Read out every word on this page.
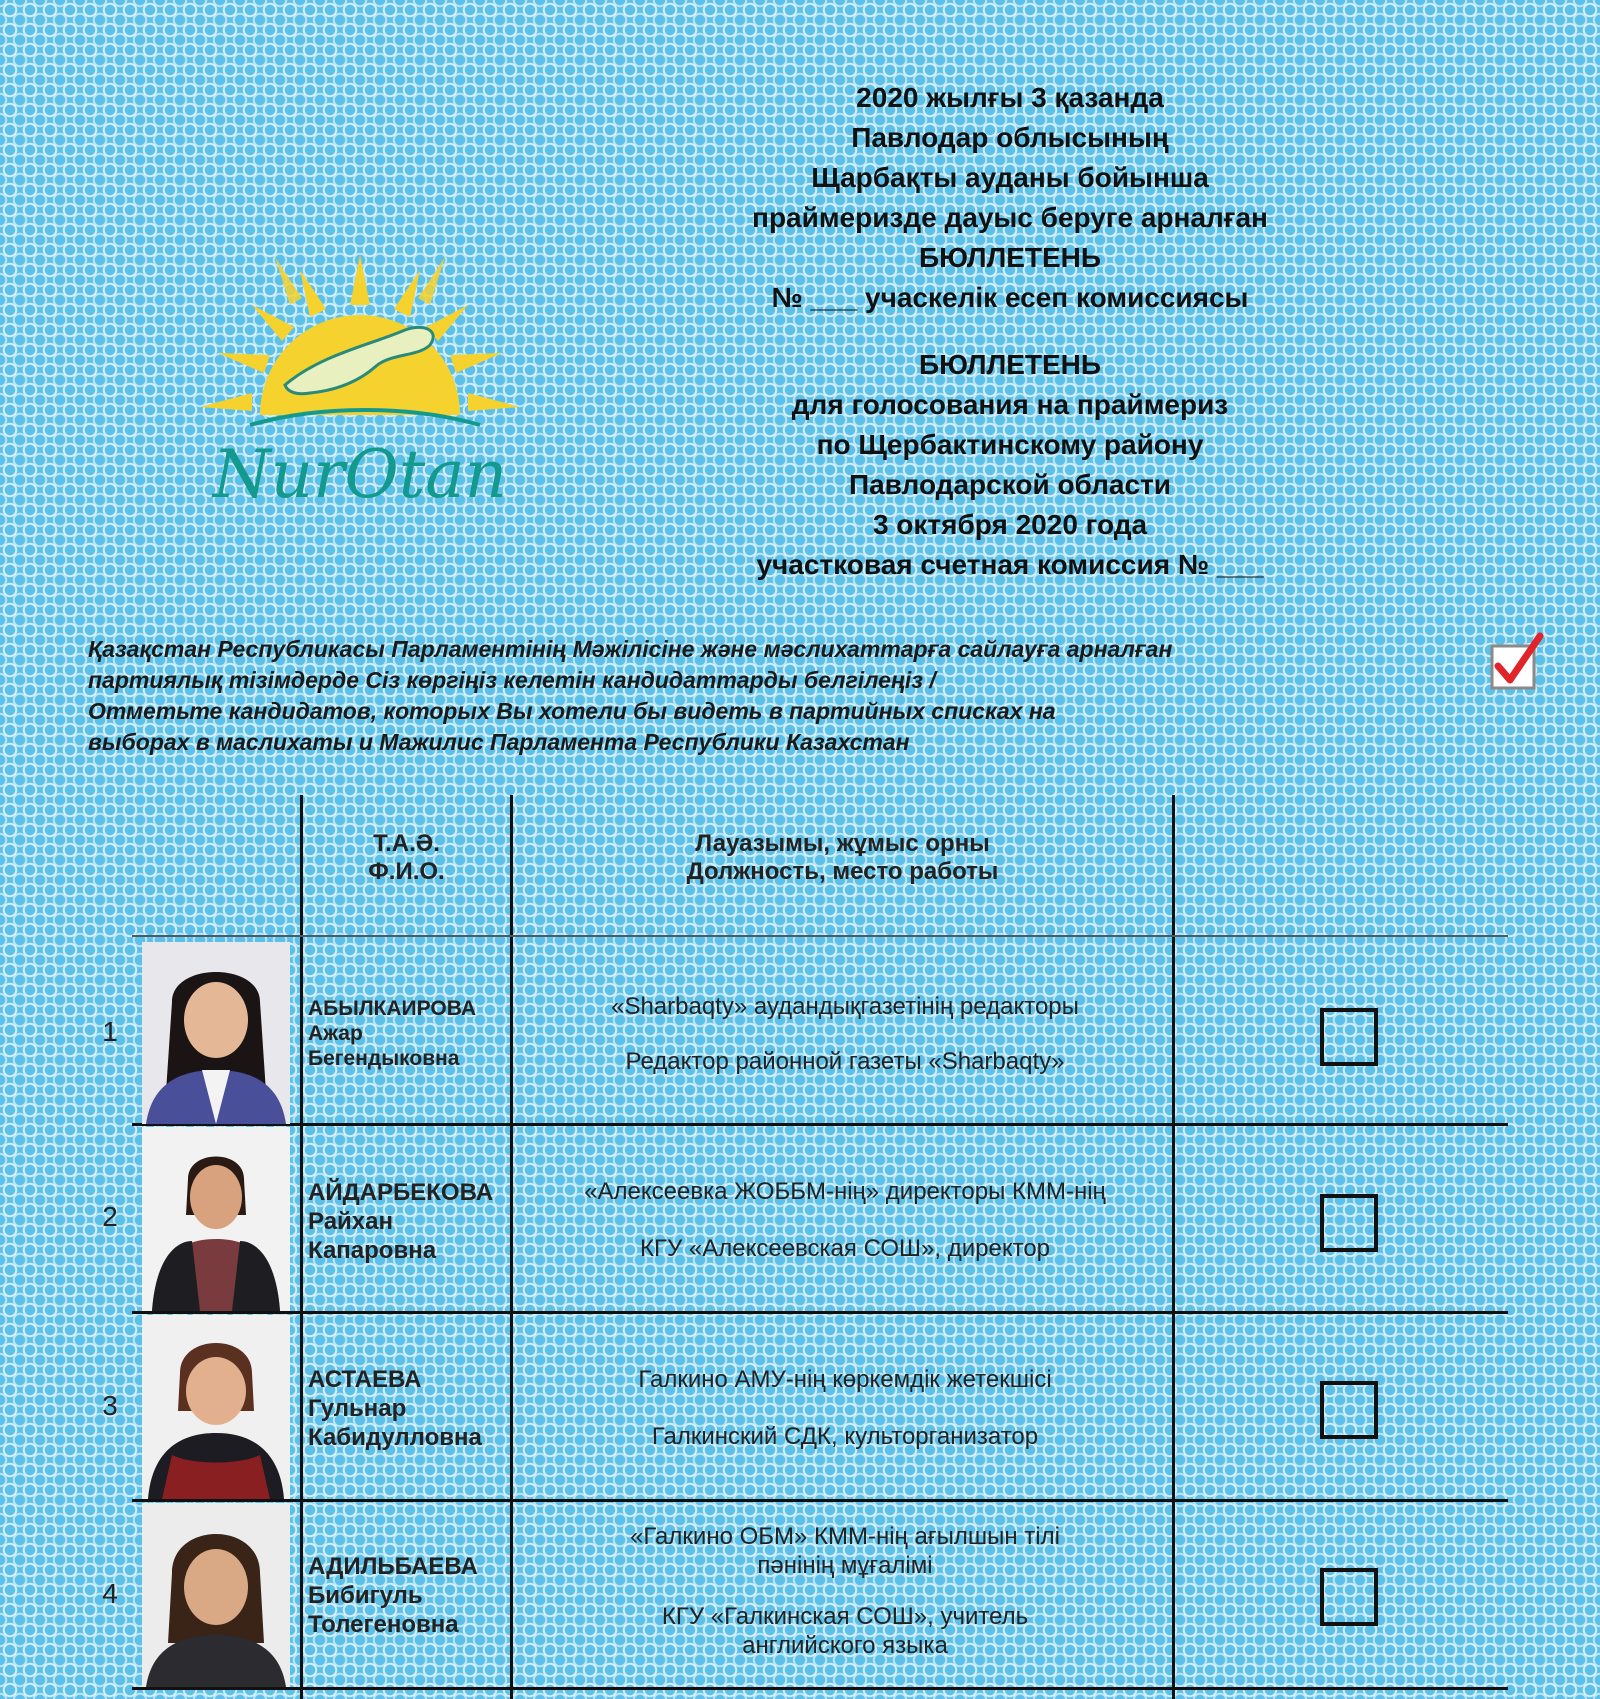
2020 жылғы 3 қазанда
Павлодар облысының
Щарбақты ауданы бойынша
праймеризде дауыс беруге арналған
БЮЛЛЕТЕНЬ
№ ___ учаскелік есеп комиссиясы
БЮЛЛЕТЕНЬ
для голосования на праймериз
по Щербактинскому району
Павлодарской области
3 октября 2020 года
участковая счетная комиссия № ___
NurOtan
Қазақстан Республикасы Парламентінің Мәжілісіне және мәслихаттарға сайлауға арналған
партиялық тізімдерде Сіз көргіңіз келетін кандидаттарды белгілеңіз /
Отметьте кандидатов, которых Вы хотели бы видеть в партийных списках на
выборах в маслихаты и Мажилис Парламента Республики Казахстан
Т.А.Ә.
Ф.И.О.
Лауазымы, жұмыс орны
Должность, место работы
1
АБЫЛКАИРОВА
Ажар
Бегендыковна
«Sharbaqty» аудандықгазетінің редакторы
Редактор районной газеты «Sharbaqty»
2
АЙДАРБЕКОВА
Райхан
Капаровна
«Алексеевка ЖОББМ-нің» директоры КММ-нің
КГУ «Алексеевская СОШ», директор
3
АСТАЕВА
Гульнар
Кабидулловна
Галкино АМУ-нің көркемдік жетекшісі
Галкинский СДК, культорганизатор
4
АДИЛЬБАЕВА
Бибигуль
Толегеновна
«Галкино ОБМ» КММ-нің ағылшын тілі пәнінің мұғалімі
КГУ «Галкинская СОШ», учитель английского языка
